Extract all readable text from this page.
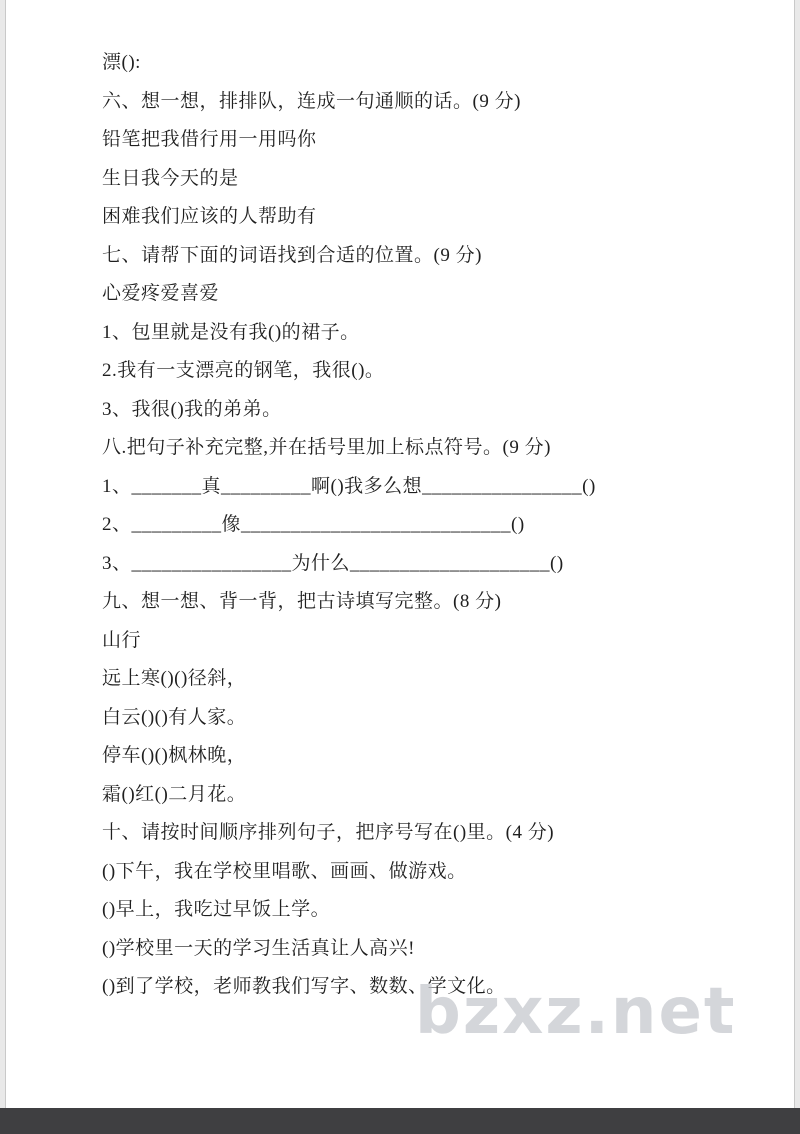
漂():

六、想一想，排排队，连成一句通顺的话。(9 分)

铅笔把我借行用一用吗你

生日我今天的是

困难我们应该的人帮助有

七、请帮下面的词语找到合适的位置。(9 分)

心爱疼爱喜爱

1、包里就是没有我()的裙子。

2.我有一支漂亮的钢笔，我很()。

3、我很()我的弟弟。

八.把句子补充完整,并在括号里加上标点符号。(9 分)

1、_______真_________啊()我多么想________________()

2、_________像___________________________()

3、________________为什么____________________()

九、想一想、背一背，把古诗填写完整。(8 分)

山行

远上寒()()径斜，

白云()()有人家。

停车()()枫林晚，

霜()红()二月花。

十、请按时间顺序排列句子，把序号写在()里。(4 分)

()下午，我在学校里唱歌、画画、做游戏。

()早上，我吃过早饭上学。

()学校里一天的学习生活真让人高兴!

()到了学校，老师教我们写字、数数、学文化。

bzxz.net
